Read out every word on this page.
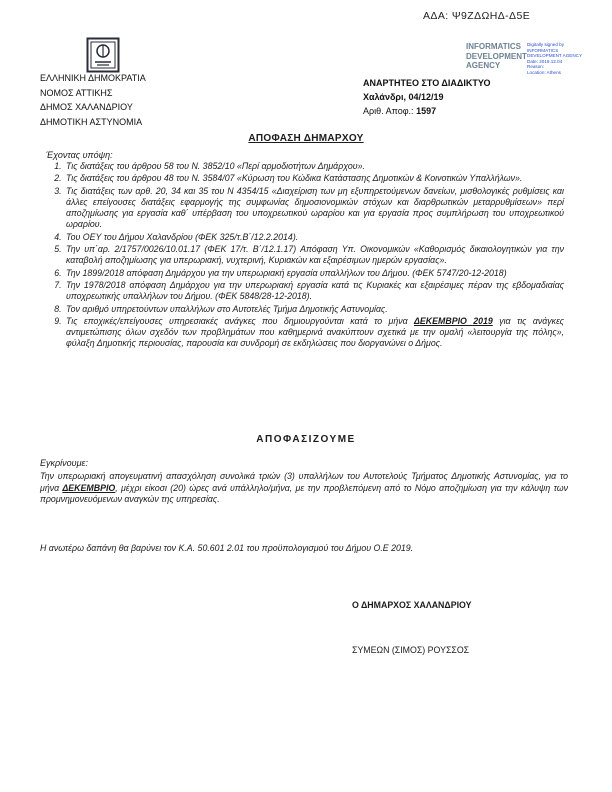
ΑΔΑ: Ψ9ΖΔΩΗΔ-Δ5Ε
ΕΛΛΗΝΙΚΗ ΔΗΜΟΚΡΑΤΙΑ
ΝΟΜΟΣ ΑΤΤΙΚΗΣ
ΔΗΜΟΣ ΧΑΛΑΝΔΡΙΟΥ
ΔΗΜΟΤΙΚΗ ΑΣΤΥΝΟΜΙΑ
INFORMATICS DEVELOPMENT AGENCY
Digitally signed by INFORMATICS DEVELOPMENT AGENCY
Date: 2019.12.04
Reason:
Location: Athens
ΑΝΑΡΤΗΤΕΟ ΣΤΟ ΔΙΑΔΙΚΤΥΟ
Χαλάνδρι, 04/12/19
Αριθ. Αποφ.: 1597
ΑΠΟΦΑΣΗ ΔΗΜΑΡΧΟΥ
Έχοντας υπόψη:
1. Τις διατάξεις του άρθρου 58 του Ν. 3852/10 «Περί αρμοδιοτήτων Δημάρχου».
2. Τις διατάξεις του άρθρου 48 του Ν. 3584/07 «Κύρωση του Κώδικα Κατάστασης Δημοτικών & Κοινοτικών Υπαλλήλων».
3. Τις διατάξεις των αρθ. 20, 34 και 35 του Ν 4354/15 «Διαχείριση των μη εξυπηρετούμενων δανείων, μισθολογικές ρυθμίσεις και άλλες επείγουσες διατάξεις εφαρμογής της συμφωνίας δημοσιονομικών στόχων και διαρθρωτικών μεταρρυθμίσεων» περί αποζημίωσης για εργασία καθ΄ υπέρβαση του υποχρεωτικού ωραρίου και για εργασία προς συμπλήρωση του υποχρεωτικού ωραρίου.
4. Του ΟΕΥ του Δήμου Χαλανδρίου (ΦΕΚ 325/τ.Β΄/12.2.2014).
5. Την υπ΄αρ. 2/1757/0026/10.01.17 (ΦΕΚ 17/τ. Β΄/12.1.17) Απόφαση Υπ. Οικονομικών «Καθορισμός δικαιολογητικών για την καταβολή αποζημίωσης για υπερωριακή, νυχτερινή, Κυριακών και εξαιρέσιμων ημερών εργασίας».
6. Την 1899/2018 απόφαση Δημάρχου για την υπερωριακή εργασία υπαλλήλων του Δήμου. (ΦΕΚ 5747/20-12-2018)
7. Την 1978/2018 απόφαση Δημάρχου για την υπερωριακή εργασία κατά τις Κυριακές και εξαιρέσιμες πέραν της εβδομαδιαίας υποχρεωτικής υπαλλήλων του Δήμου. (ΦΕΚ 5848/28-12-2018).
8. Τον αριθμό υπηρετούντων υπαλλήλων στο Αυτοτελές Τμήμα Δημοτικής Αστυνομίας.
9. Τις εποχικές/επείγουσες υπηρεσιακές ανάγκες που δημιουργούνται κατά το μήνα ΔΕΚΕΜΒΡΙΟ 2019 για τις ανάγκες αντιμετώπισης όλων σχεδόν των προβλημάτων που καθημερινά ανακύπτουν σχετικά με την ομαλή «λειτουργία της πόλης», φύλαξη Δημοτικής περιουσίας, παρουσία και συνδρομή σε εκδηλώσεις που διοργανώνει ο Δήμος.
ΑΠΟΦΑΣΙΖΟΥΜΕ
Εγκρίνουμε:
Την υπερωριακή απογευματινή απασχόληση συνολικά τριών (3) υπαλλήλων του Αυτοτελούς Τμήματος Δημοτικής Αστυνομίας, για το μήνα ΔΕΚΕΜΒΡΙΟ, μέχρι είκοσι (20) ώρες ανά υπάλληλο/μήνα, με την προβλεπόμενη από το Νόμο αποζημίωση για την κάλυψη των προμνημονευόμενων αναγκών της υπηρεσίας.
Η ανωτέρω δαπάνη θα βαρύνει τον Κ.Α. 50.601 2.01 του προϋπολογισμού του Δήμου Ο.Ε 2019.
Ο ΔΗΜΑΡΧΟΣ ΧΑΛΑΝΔΡΙΟΥ
ΣΥΜΕΩΝ (ΣΙΜΟΣ) ΡΟΥΣΣΟΣ
